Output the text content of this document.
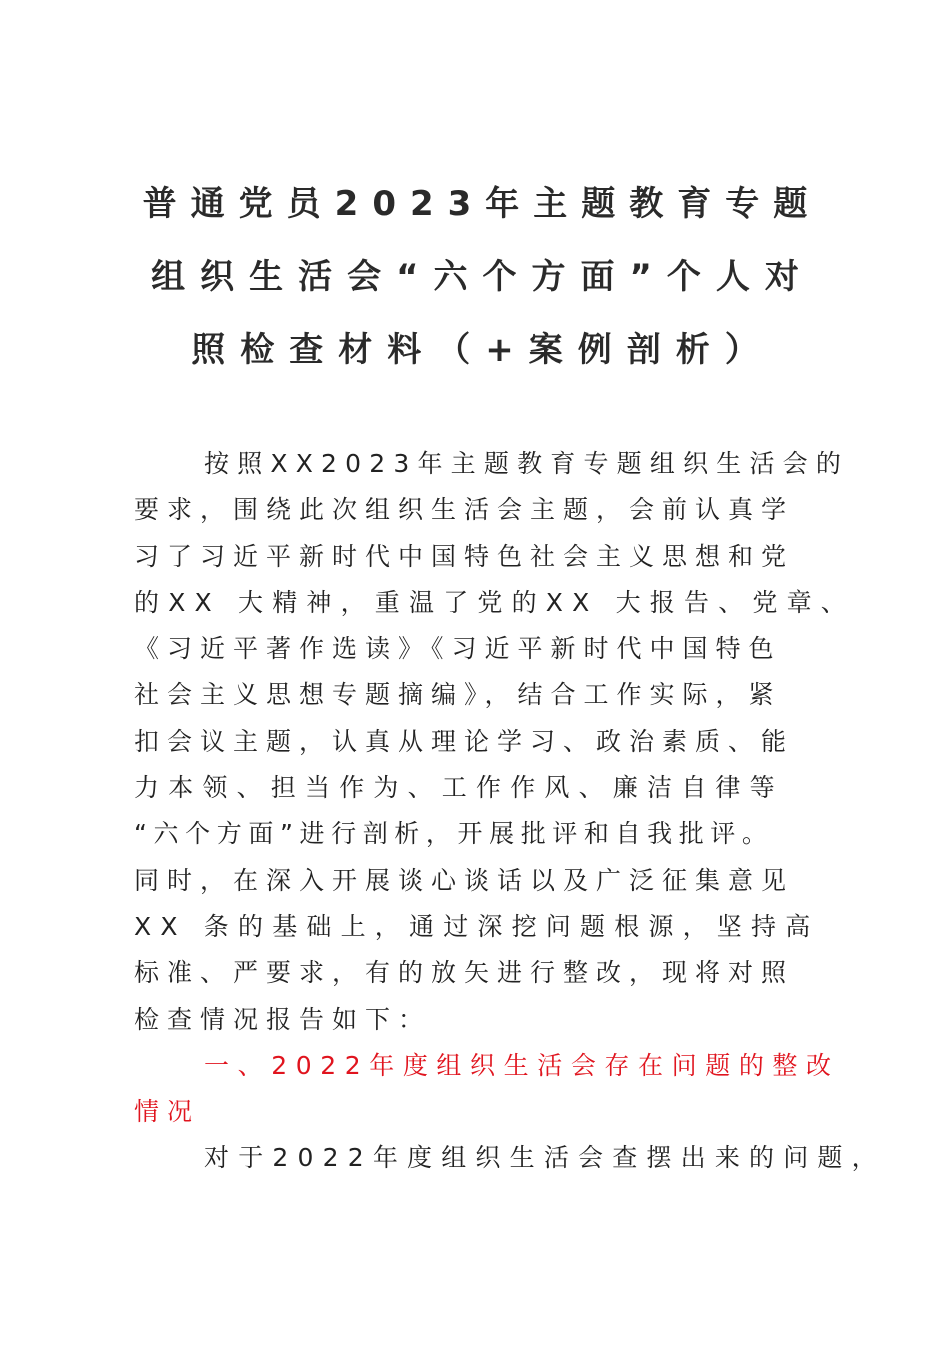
普通党员2023年主题教育专题
组织生活会“六个方面”个人对
照检查材料（+案例剖析）
按照XX2023年主题教育专题组织生活会的
要求，围绕此次组织生活会主题，会前认真学
习了习近平新时代中国特色社会主义思想和党
的XX 大精神，重温了党的XX 大报告、党章、
《习近平著作选读》《习近平新时代中国特色
社会主义思想专题摘编》，结合工作实际，紧
扣会议主题，认真从理论学习、政治素质、能
力本领、担当作为、工作作风、廉洁自律等
“六个方面”进行剖析，开展批评和自我批评。
同时，在深入开展谈心谈话以及广泛征集意见
XX 条的基础上，通过深挖问题根源，坚持高
标准、严要求，有的放矢进行整改，现将对照
检查情况报告如下：
一、2022年度组织生活会存在问题的整改
情况
对于2022年度组织生活会查摆出来的问题，
